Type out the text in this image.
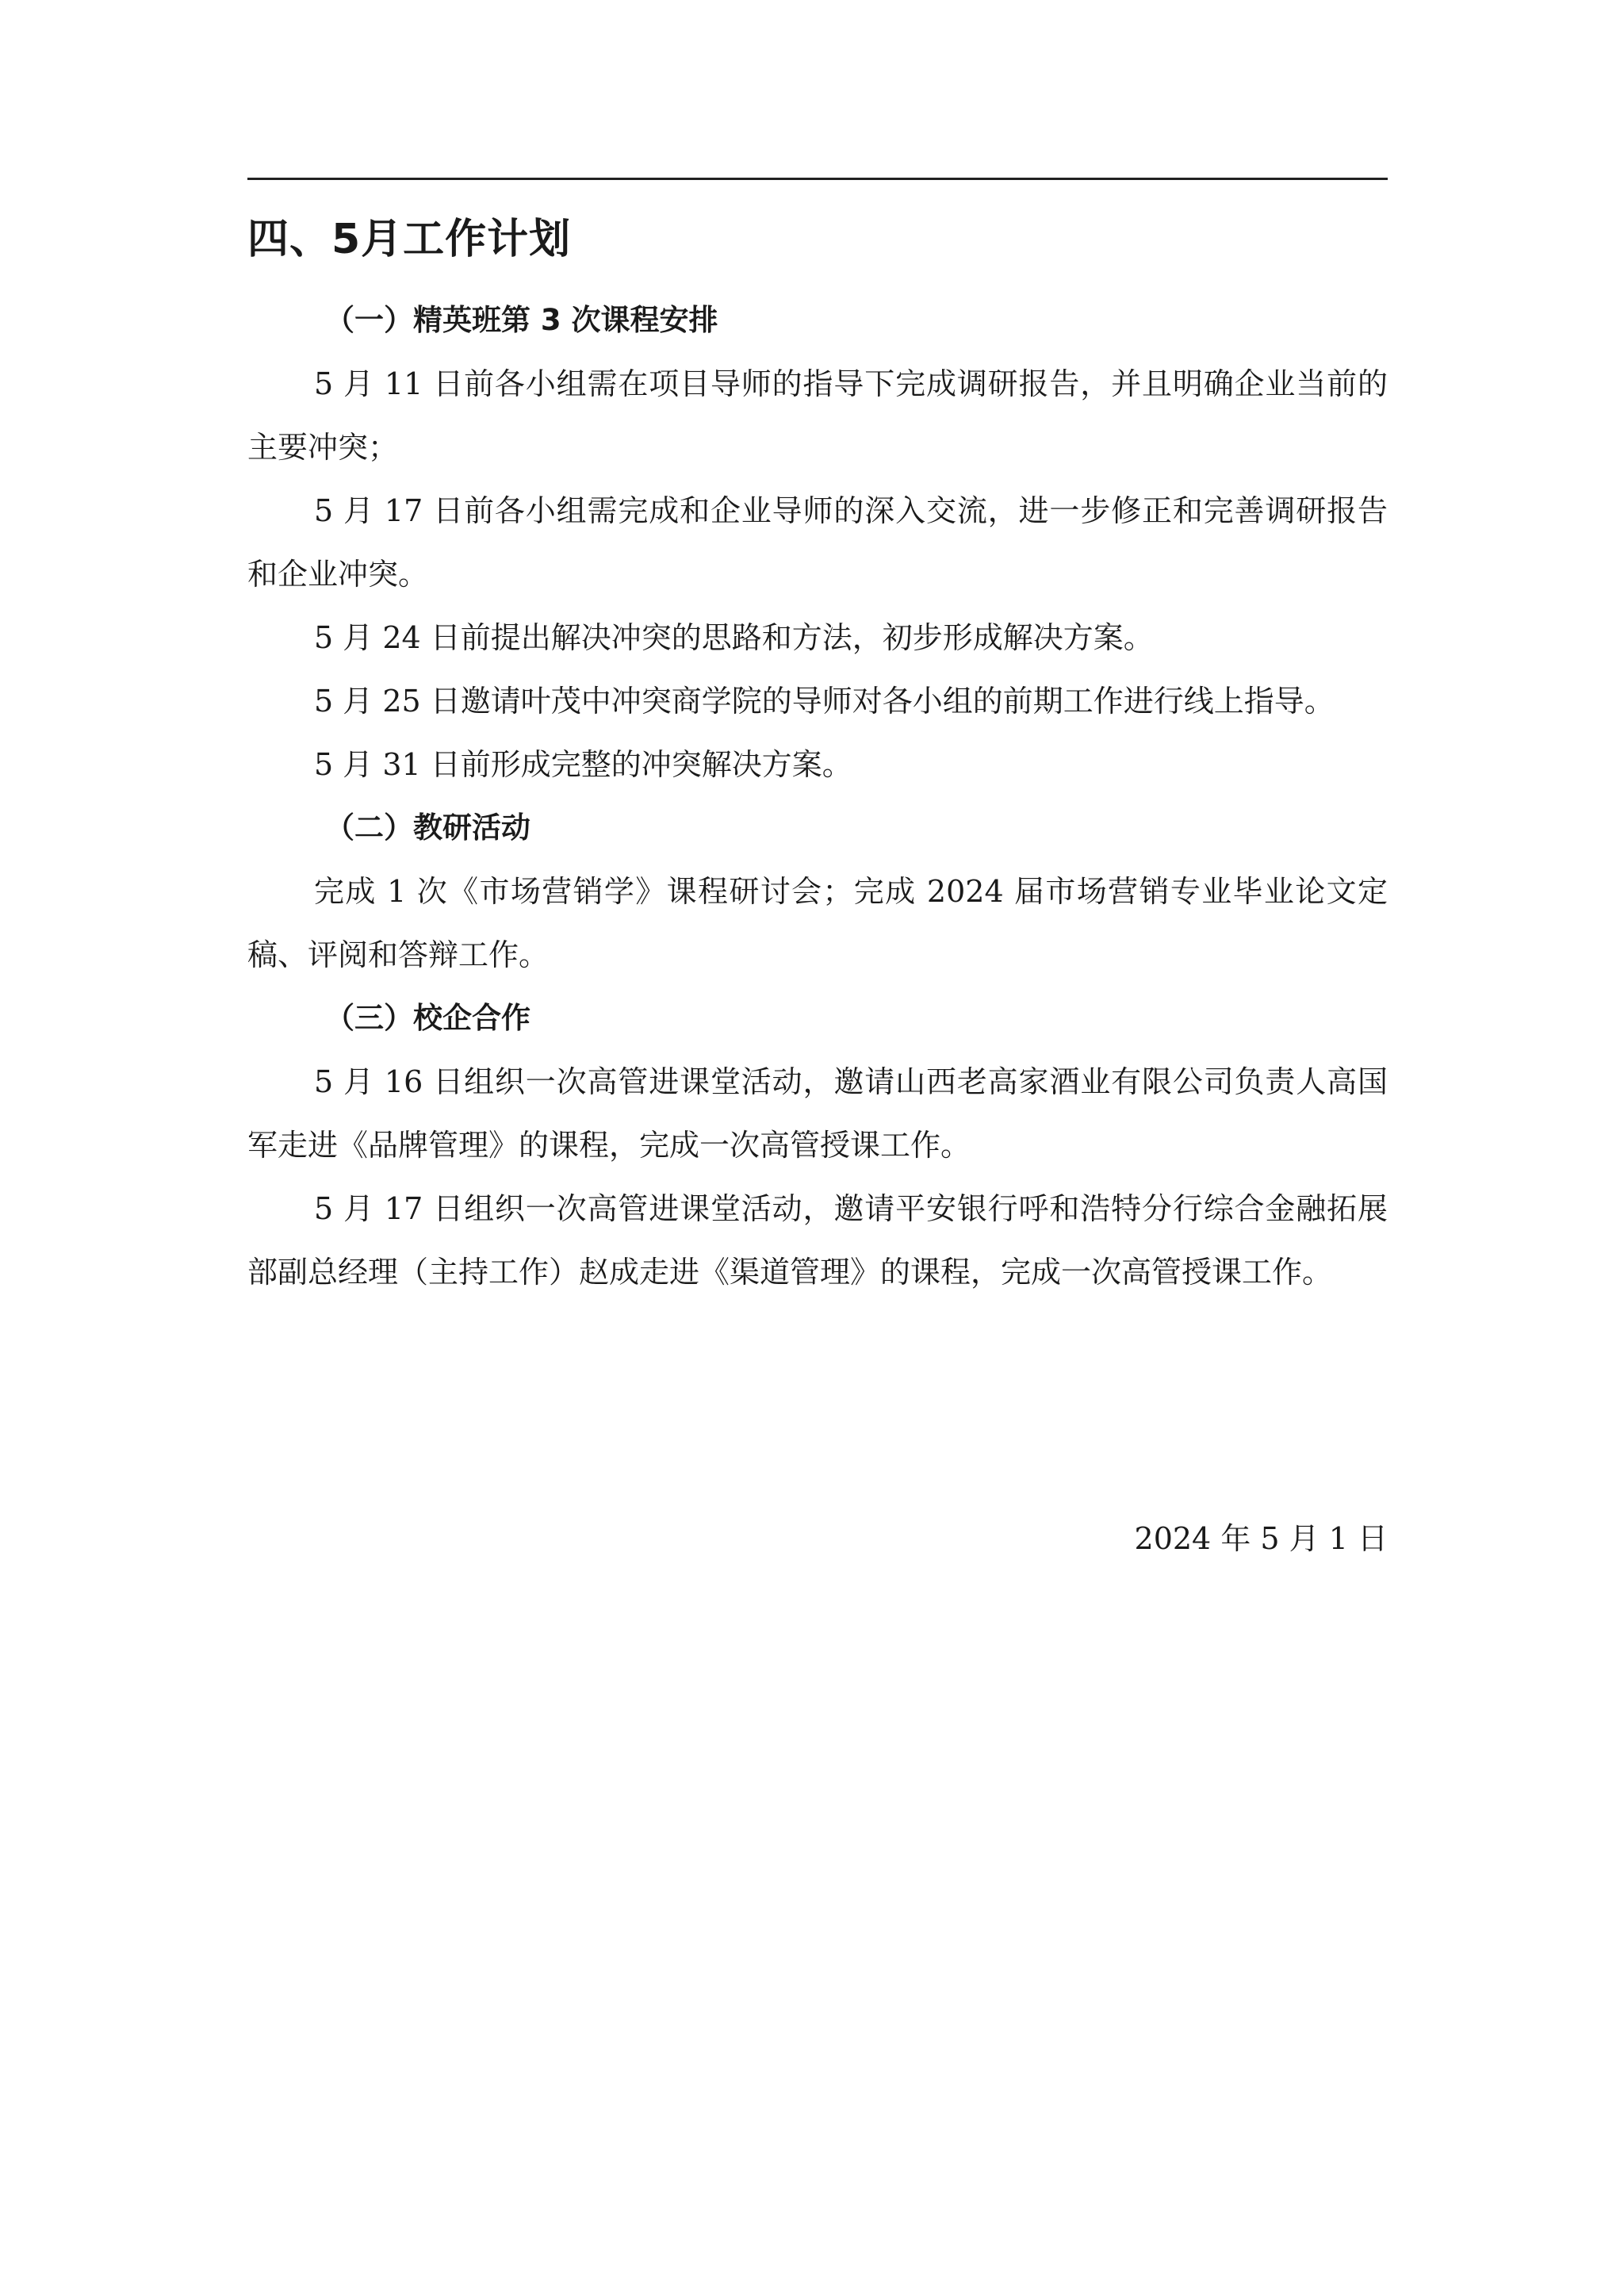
四、5月工作计划
（一）精英班第 3 次课程安排
5 月 11 日前各小组需在项目导师的指导下完成调研报告，并且明确企业当前的主要冲突；
5 月 17 日前各小组需完成和企业导师的深入交流，进一步修正和完善调研报告和企业冲突。
5 月 24 日前提出解决冲突的思路和方法，初步形成解决方案。
5 月 25 日邀请叶茂中冲突商学院的导师对各小组的前期工作进行线上指导。
5 月 31 日前形成完整的冲突解决方案。
（二）教研活动
完成 1 次《市场营销学》课程研讨会；完成 2024 届市场营销专业毕业论文定稿、评阅和答辩工作。
（三）校企合作
5 月 16 日组织一次高管进课堂活动，邀请山西老高家酒业有限公司负责人高国军走进《品牌管理》的课程，完成一次高管授课工作。
5 月 17 日组织一次高管进课堂活动，邀请平安银行呼和浩特分行综合金融拓展部副总经理（主持工作）赵成走进《渠道管理》的课程，完成一次高管授课工作。
2024 年 5 月 1 日
